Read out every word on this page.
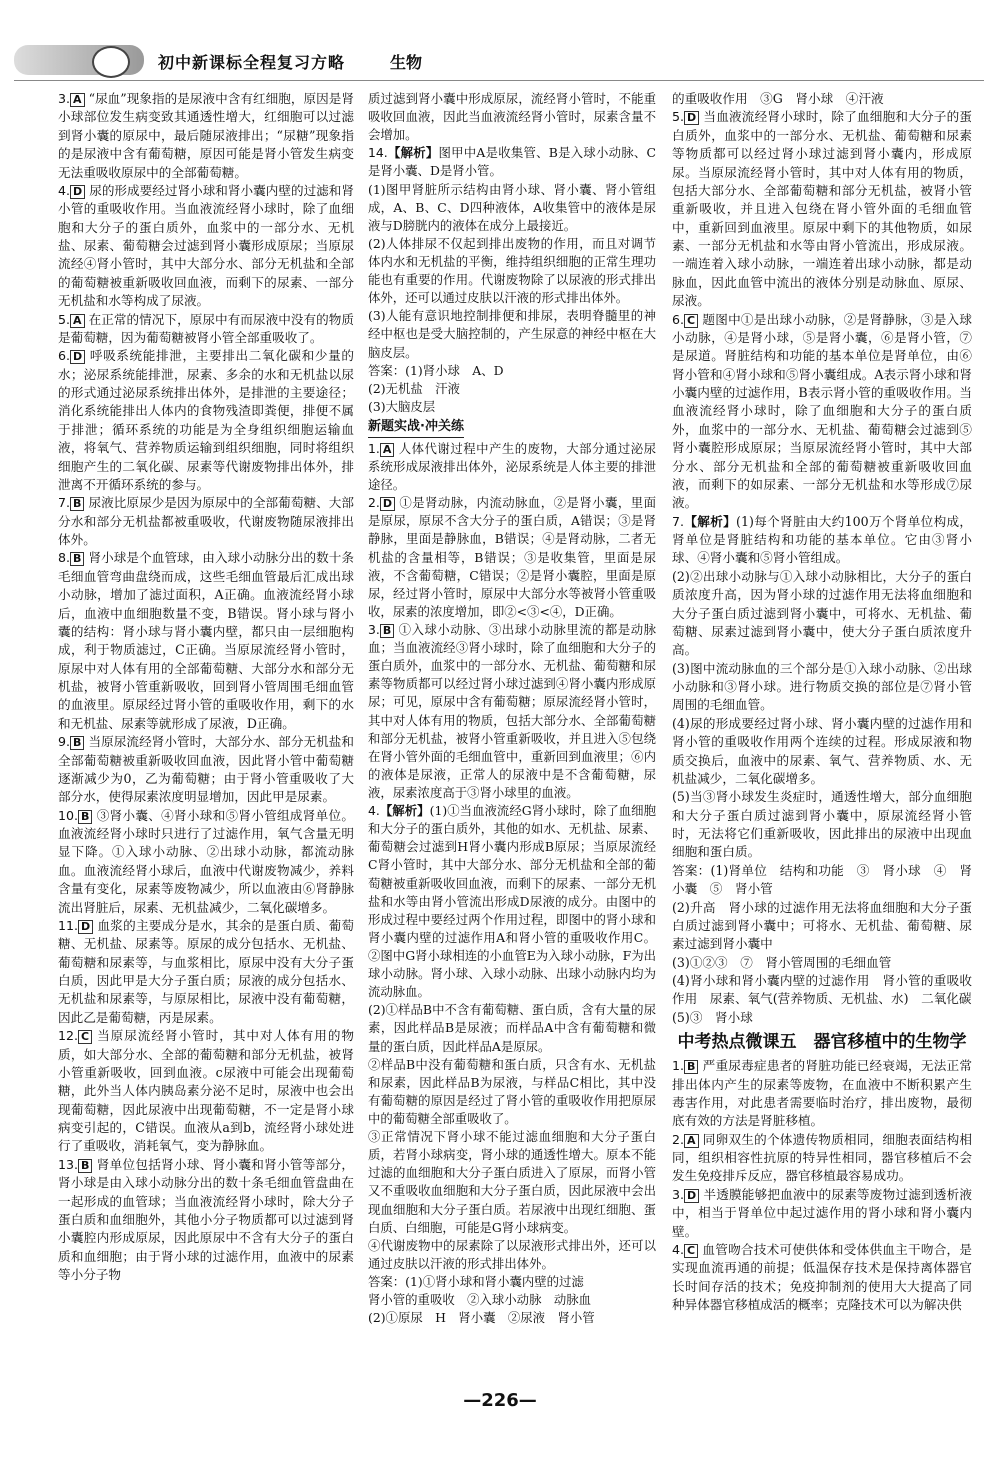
初中新课标全程复习方略	生物

3. A “尿血”现象指的是尿液中含有红细胞，原因是肾小球部位发生病变致其通透性增大，红细胞可以过滤到肾小囊的原尿中，最后随尿液排出；“尿糖”现象指的是尿液中含有葡萄糖，原因可能是肾小管发生病变无法重吸收原尿中的全部葡萄糖。

4. D 尿的形成要经过肾小球和肾小囊内壁的过滤和肾小管的重吸收作用。当血液流经肾小球时，除了血细胞和大分子的蛋白质外，血浆中的一部分水、无机盐、尿素、葡萄糖会过滤到肾小囊形成原尿；当原尿流经④肾小管时，其中大部分水、部分无机盐和全部的葡萄糖被重新吸收回血液，而剩下的尿素、一部分无机盐和水等构成了尿液。

5. A 在正常的情况下，原尿中有而尿液中没有的物质是葡萄糖，因为葡萄糖被肾小管全部重吸收了。

6. D 呼吸系统能排泄，主要排出二氧化碳和少量的水；泌尿系统能排泄，尿素、多余的水和无机盐以尿的形式通过泌尿系统排出体外，是排泄的主要途径；消化系统能排出人体内的食物残渣即粪便，排便不属于排泄；循环系统的功能是为全身组织细胞运输血液，将氧气、营养物质运输到组织细胞，同时将组织细胞产生的二氧化碳、尿素等代谢废物排出体外，排泄离不开循环系统的参与。

7. B 尿液比原尿少是因为原尿中的全部葡萄糖、大部分水和部分无机盐都被重吸收，代谢废物随尿液排出体外。

8. B 肾小球是个血管球，由入球小动脉分出的数十条毛细血管弯曲盘绕而成，这些毛细血管最后汇成出球小动脉，增加了滤过面积，A正确。血液流经肾小球后，血液中血细胞数量不变，B错误。肾小球与肾小囊的结构：肾小球与肾小囊内壁，都只由一层细胞构成，利于物质滤过，C正确。当原尿流经肾小管时，原尿中对人体有用的全部葡萄糖、大部分水和部分无机盐，被肾小管重新吸收，回到肾小管周围毛细血管的血液里。原尿经过肾小管的重吸收作用，剩下的水和无机盐、尿素等就形成了尿液，D正确。

9. B 当原尿流经肾小管时，大部分水、部分无机盐和全部葡萄糖被重新吸收回血液，因此肾小管中葡萄糖逐渐减少为0，乙为葡萄糖；由于肾小管重吸收了大部分水，使得尿素浓度明显增加，因此甲是尿素。

10. B ③肾小囊、④肾小球和⑤肾小管组成肾单位。血液流经肾小球时只进行了过滤作用，氧气含量无明显下降。①入球小动脉、②出球小动脉，都流动脉血。血液流经肾小球后，血液中代谢废物减少，养料含量有变化，尿素等废物减少，所以血液由⑥肾静脉流出肾脏后，尿素、无机盐减少，二氧化碳增多。

11. D 血浆的主要成分是水，其余的是蛋白质、葡萄糖、无机盐、尿素等。原尿的成分包括水、无机盐、葡萄糖和尿素等，与血浆相比，原尿中没有大分子蛋白质，因此甲是大分子蛋白质；尿液的成分包括水、无机盐和尿素等，与原尿相比，尿液中没有葡萄糖，因此乙是葡萄糖，丙是尿素。

12. C 当原尿流经肾小管时，其中对人体有用的物质，如大部分水、全部的葡萄糖和部分无机盐，被肾小管重新吸收，回到血液。c尿液中可能会出现葡萄糖，此外当人体内胰岛素分泌不足时，尿液中也会出现葡萄糖，因此尿液中出现葡萄糖，不一定是肾小球病变引起的，C错误。血液从a到b，流经肾小球处进行了重吸收，消耗氧气，变为静脉血。

13. B 肾单位包括肾小球、肾小囊和肾小管等部分，肾小球是由入球小动脉分出的数十条毛细血管盘曲在一起形成的血管球；当血液流经肾小球时，除大分子蛋白质和血细胞外，其他小分子物质都可以过滤到肾小囊腔内形成原尿，因此原尿中不含有大分子的蛋白质和血细胞；由于肾小球的过滤作用，血液中的尿素等小分子物

质过滤到肾小囊中形成原尿，流经肾小管时，不能重吸收回血液，因此当血液流经肾小管时，尿素含量不会增加。

14.【解析】图甲中A是收集管、B是入球小动脉、C是肾小囊、D是肾小管。

(1)图甲肾脏所示结构由肾小球、肾小囊、肾小管组成，A、B、C、D四种液体，A收集管中的液体是尿液与D膀胱内的液体在成分上最接近。

(2)人体排尿不仅起到排出废物的作用，而且对调节体内水和无机盐的平衡，维持组织细胞的正常生理功能也有重要的作用。代谢废物除了以尿液的形式排出体外，还可以通过皮肤以汗液的形式排出体外。

(3)人能有意识地控制排便和排尿，表明脊髓里的神经中枢也是受大脑控制的，产生尿意的神经中枢在大脑皮层。

答案：(1)肾小球　A、D
(2)无机盐　汗液
(3)大脑皮层

新题实战·冲关练

1. A 人体代谢过程中产生的废物，大部分通过泌尿系统形成尿液排出体外，泌尿系统是人体主要的排泄途径。

2. D ①是肾动脉，内流动脉血，②是肾小囊，里面是原尿，原尿不含大分子的蛋白质，A错误；③是肾静脉，里面是静脉血，B错误；④是肾动脉，二者无机盐的含量相等，B错误；③是收集管，里面是尿液，不含葡萄糖，C错误；②是肾小囊腔，里面是原尿，经过肾小管时，原尿中大部分水等被肾小管重吸收，尿素的浓度增加，即②<③<④，D正确。

3. B ①入球小动脉、③出球小动脉里流的都是动脉血；当血液流经③肾小球时，除了血细胞和大分子的蛋白质外，血浆中的一部分水、无机盐、葡萄糖和尿素等物质都可以经过肾小球过滤到④肾小囊内形成原尿；可见，原尿中含有葡萄糖；原尿流经肾小管时，其中对人体有用的物质，包括大部分水、全部葡萄糖和部分无机盐，被肾小管重新吸收，并且进入⑤包绕在肾小管外面的毛细血管中，重新回到血液里；⑥内的液体是尿液，正常人的尿液中是不含葡萄糖，尿液，尿素浓度高于③肾小球里的血液。

4.【解析】(1)①当血液流经G肾小球时，除了血细胞和大分子的蛋白质外，其他的如水、无机盐、尿素、葡萄糖会过滤到H肾小囊内形成B原尿；当原尿流经C肾小管时，其中大部分水、部分无机盐和全部的葡萄糖被重新吸收回血液，而剩下的尿素、一部分无机盐和水等由肾小管流出形成D尿液的成分。由图中的形成过程中要经过两个作用过程，即图中的肾小球和肾小囊内壁的过滤作用A和肾小管的重吸收作用C。②图中G肾小球相连的小血管E为入球小动脉，F为出球小动脉。肾小球、入球小动脉、出球小动脉内均为流动脉血。

(2)①样品B中不含有葡萄糖、蛋白质，含有大量的尿素，因此样品B是尿液；而样品A中含有葡萄糖和微量的蛋白质，因此样品A是原尿。

②样品B中没有葡萄糖和蛋白质，只含有水、无机盐和尿素，因此样品B为尿液，与样品C相比，其中没有葡萄糖的原因是经过了肾小管的重吸收作用把原尿中的葡萄糖全部重吸收了。

③正常情况下肾小球不能过滤血细胞和大分子蛋白质，若肾小球病变，肾小球的通透性增大。原本不能过滤的血细胞和大分子蛋白质进入了原尿，而肾小管又不重吸收血细胞和大分子蛋白质，因此尿液中会出现血细胞和大分子蛋白质。若尿液中出现红细胞、蛋白质、白细胞，可能是G肾小球病变。

④代谢废物中的尿素除了以尿液形式排出外，还可以通过皮肤以汗液的形式排出体外。

答案：(1)①肾小球和肾小囊内壁的过滤
肾小管的重吸收　②入球小动脉　动脉血
(2)①原尿　H　肾小囊　②尿液　肾小管

的重吸收作用　③G　肾小球　④汗液

5. D 当血液流经肾小球时，除了血细胞和大分子的蛋白质外，血浆中的一部分水、无机盐、葡萄糖和尿素等物质都可以经过肾小球过滤到肾小囊内，形成原尿。当原尿流经肾小管时，其中对人体有用的物质，包括大部分水、全部葡萄糖和部分无机盐，被肾小管重新吸收，并且进入包绕在肾小管外面的毛细血管中，重新回到血液里。原尿中剩下的其他物质，如尿素、一部分无机盐和水等由肾小管流出，形成尿液。一端连着入球小动脉，一端连着出球小动脉，都是动脉血，因此血管中流出的液体分别是动脉血、原尿、尿液。

6. C 题图中①是出球小动脉，②是肾静脉，③是入球小动脉，④是肾小球，⑤是肾小囊，⑥是肾小管，⑦是尿道。肾脏结构和功能的基本单位是肾单位，由⑥肾小管和④肾小球和⑤肾小囊组成。A表示肾小球和肾小囊内壁的过滤作用，B表示肾小管的重吸收作用。当血液流经肾小球时，除了血细胞和大分子的蛋白质外，血浆中的一部分水、无机盐、葡萄糖会过滤到⑤肾小囊腔形成原尿；当原尿流经肾小管时，其中大部分水、部分无机盐和全部的葡萄糖被重新吸收回血液，而剩下的如尿素、一部分无机盐和水等形成⑦尿液。

7.【解析】(1)每个肾脏由大约100万个肾单位构成，肾单位是肾脏结构和功能的基本单位。它由③肾小球、④肾小囊和⑤肾小管组成。

(2)②出球小动脉与①入球小动脉相比，大分子的蛋白质浓度升高，因为肾小球的过滤作用无法将血细胞和大分子蛋白质过滤到肾小囊中，可将水、无机盐、葡萄糖、尿素过滤到肾小囊中，使大分子蛋白质浓度升高。

(3)图中流动脉血的三个部分是①入球小动脉、②出球小动脉和③肾小球。进行物质交换的部位是⑦肾小管周围的毛细血管。

(4)尿的形成要经过肾小球、肾小囊内壁的过滤作用和肾小管的重吸收作用两个连续的过程。形成尿液和物质交换后，血液中的尿素、氧气、营养物质、水、无机盐减少，二氧化碳增多。

(5)当③肾小球发生炎症时，通透性增大，部分血细胞和大分子蛋白质过滤到肾小囊中，原尿流经肾小管时，无法将它们重新吸收，因此排出的尿液中出现血细胞和蛋白质。

答案：(1)肾单位　结构和功能　③　肾小球　④　肾小囊　⑤　肾小管
(2)升高　肾小球的过滤作用无法将血细胞和大分子蛋白质过滤到肾小囊中；可将水、无机盐、葡萄糖、尿素过滤到肾小囊中
(3)①②③　⑦　肾小管周围的毛细血管
(4)肾小球和肾小囊内壁的过滤作用　肾小管的重吸收作用　尿素、氧气(营养物质、无机盐、水)　二氧化碳
(5)③　肾小球

中考热点微课五　器官移植中的生物学

1. B 严重尿毒症患者的肾脏功能已经衰竭，无法正常排出体内产生的尿素等废物，在血液中不断积累产生毒害作用，对此患者需要临时治疗，排出废物，最彻底有效的方法是肾脏移植。

2. A 同卵双生的个体遗传物质相同，细胞表面结构相同，组织相容性抗原的特异性相同，器官移植后不会发生免疫排斥反应，器官移植最容易成功。

3. D 半透膜能够把血液中的尿素等废物过滤到透析液中，相当于肾单位中起过滤作用的肾小球和肾小囊内壁。

4. C 血管吻合技术可使供体和受体供血主干吻合，是实现血流再通的前提；低温保存技术是保持离体器官长时间存活的技术；免疫抑制剂的使用大大提高了同种异体器官移植成活的概率；克隆技术可以为解决供

—226—
